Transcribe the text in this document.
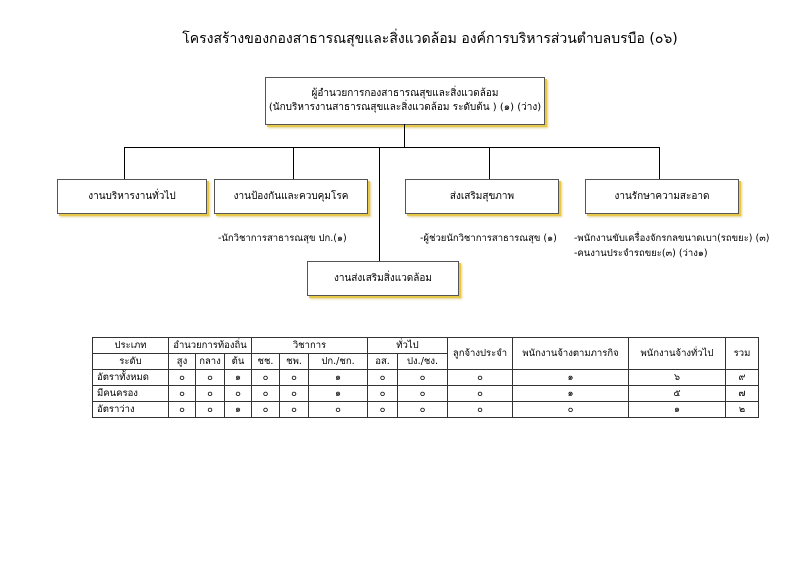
โครงสร้างของกองสาธารณสุขและสิ่งแวดล้อม องค์การบริหารส่วนตำบลบรบือ (๐๖)
ผู้อำนวยการกองสาธารณสุขและสิ่งแวดล้อม
(นักบริหารงานสาธารณสุขและสิ่งแวดล้อม ระดับต้น ) (๑) (ว่าง)
งานบริหารงานทั่วไป	งานป้องกันและควบคุมโรค	ส่งเสริมสุขภาพ	งานรักษาความสะอาด
งานส่งเสริมสิ่งแวดล้อม
-นักวิชาการสาธารณสุข ปก.(๑)	-ผู้ช่วยนักวิชาการสาธารณสุข (๑) -พนักงานขับเครื่องจักรกลขนาดเบา(รถขยะ) (๓)
-คนงานประจำรถขยะ(๓) (ว่าง๑)
ประเภท	อำนวยการท้องถิ่น			วิชาการ			ทั่วไป		ลูกจ้างประจำ	พนักงานจ้างตามภารกิจ	พนักงานจ้างทั่วไป	รวม
ระดับ	สูง	กลาง	ต้น	ชช.	ชพ.	ปก./ชก.	อส.	ปง./ชง.				
อัตราทั้งหมด	๐	๐	๑	๐	๐	๑	๐	๐	๐	๑	๖	๙
มีคนครอง	๐	๐	๐	๐	๐	๑	๐	๐	๐	๑	๕	๗
อัตราว่าง	๐	๐	๑	๐	๐	๐	๐	๐	๐	๐	๑	๒
